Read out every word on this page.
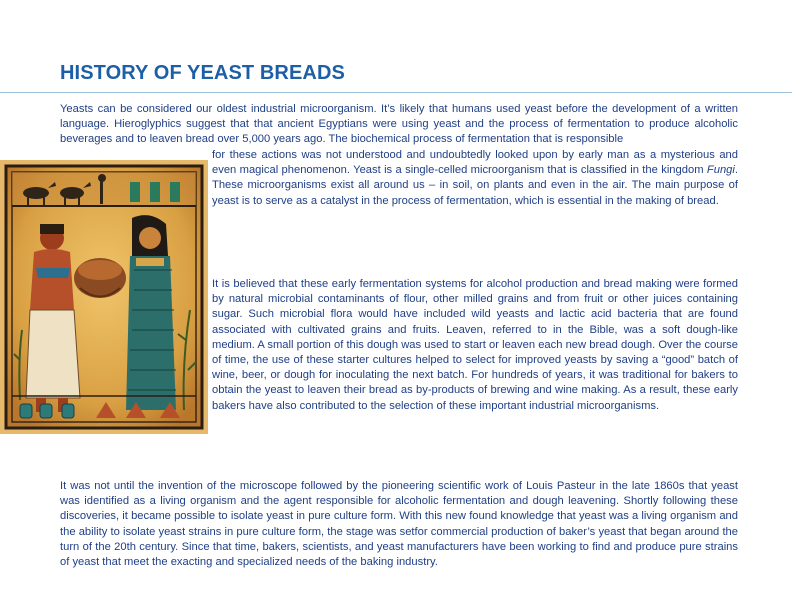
HISTORY OF YEAST BREADS

Yeasts can be considered our oldest industrial microorganism. It’s likely that humans used yeast before the development of a written language. Hieroglyphics suggest that that ancient Egyptians were using yeast and the process of fermentation to produce alcoholic beverages and to leaven bread over 5,000 years ago. The biochemical process of fermentation that is responsible

for these actions was not understood and undoubtedly looked upon by early man as a mysterious and even magical phenomenon. Yeast is a single-celled microorganism that is classified in the kingdom Fungi. These microorganisms exist all around us – in soil, on plants and even in the air. The main purpose of yeast is to serve as a catalyst in the process of fermentation, which is essential in the making of bread.

It is believed that these early fermentation systems for alcohol production and bread making were formed by natural microbial contaminants of flour, other milled grains and from fruit or other juices containing sugar. Such microbial flora would have included wild yeasts and lactic acid bacteria that are found associated with cultivated grains and fruits. Leaven, referred to in the Bible, was a soft dough-like medium. A small portion of this dough was used to start or leaven each new bread dough. Over the course of time, the use of these starter cultures helped to select for improved yeasts by saving a “good” batch of wine, beer, or dough for inoculating the next batch. For hundreds of years, it was traditional for bakers to obtain the yeast to leaven their bread as by-products of brewing and wine making. As a result, these early bakers have also contributed to the selection of these important industrial microorganisms.

It was not until the invention of the microscope followed by the pioneering scientific work of Louis Pasteur in the late 1860s that yeast was identified as a living organism and the agent responsible for alcoholic fermentation and dough leavening. Shortly following these discoveries, it became possible to isolate yeast in pure culture form. With this new found knowledge that yeast was a living organism and the ability to isolate yeast strains in pure culture form, the stage was setfor commercial production of baker’s yeast that began around the turn of the 20th century. Since that time, bakers, scientists, and yeast manufacturers have been working to find and produce pure strains of yeast that meet the exacting and specialized needs of the baking industry.
